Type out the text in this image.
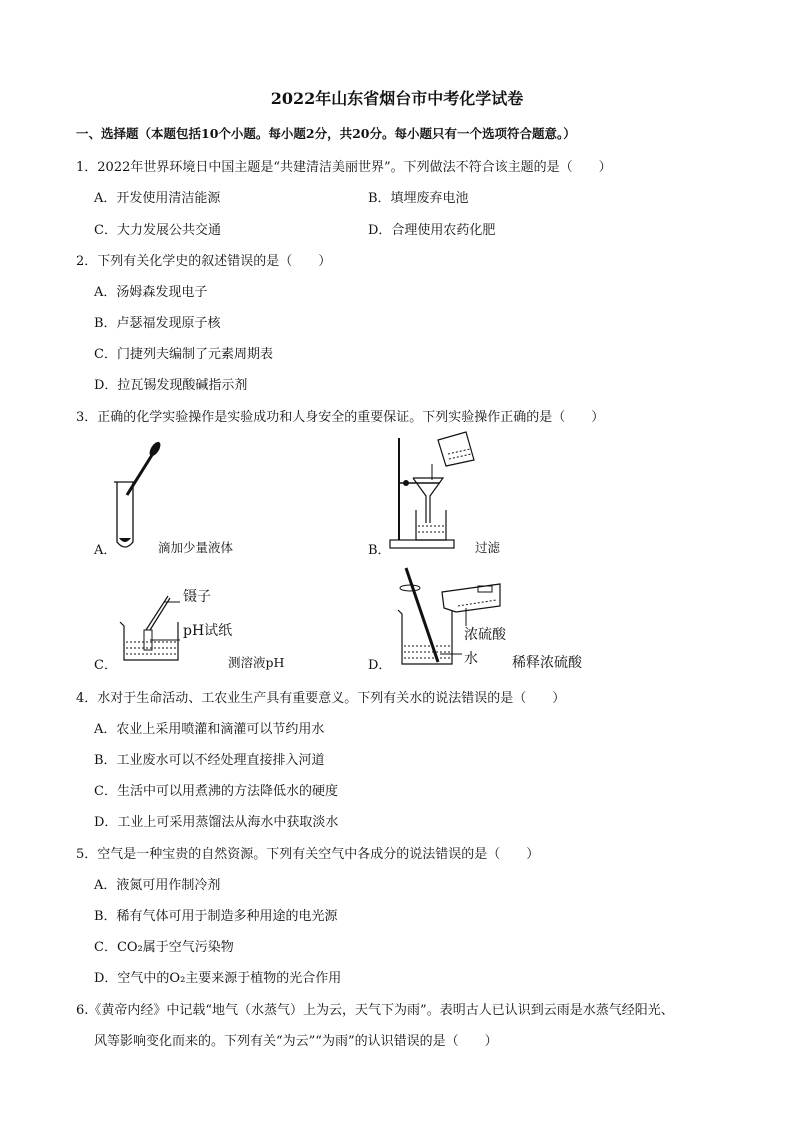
2022年山东省烟台市中考化学试卷
一、选择题（本题包括10个小题。每小题2分，共20分。每小题只有一个选项符合题意。）
1．2022年世界环境日中国主题是“共建清洁美丽世界”。下列做法不符合该主题的是（　　）
A．开发使用清洁能源	B．填埋废弃电池
C．大力发展公共交通	D．合理使用农药化肥
2．下列有关化学史的叙述错误的是（　　）
A．汤姆森发现电子
B．卢瑟福发现原子核
C．门捷列夫编制了元素周期表
D．拉瓦锡发现酸碱指示剂
3．正确的化学实验操作是实验成功和人身安全的重要保证。下列实验操作正确的是（　　）
A．	滴加少量液体	B．	过滤
镊子
pH试纸
C．	测溶液pH
浓硫酸
水
D．	稀释浓硫酸
4．水对于生命活动、工农业生产具有重要意义。下列有关水的说法错误的是（　　）
A．农业上采用喷灌和滴灌可以节约用水
B．工业废水可以不经处理直接排入河道
C．生活中可以用煮沸的方法降低水的硬度
D．工业上可采用蒸馏法从海水中获取淡水
5．空气是一种宝贵的自然资源。下列有关空气中各成分的说法错误的是（　　）
A．液氮可用作制冷剂
B．稀有气体可用于制造多种用途的电光源
C．CO₂属于空气污染物
D．空气中的O₂主要来源于植物的光合作用
6.《黄帝内经》中记载“地气（水蒸气）上为云，天气下为雨”。表明古人已认识到云雨是水蒸气经阳光、
风等影响变化而来的。下列有关“为云”“为雨”的认识错误的是（　　）
